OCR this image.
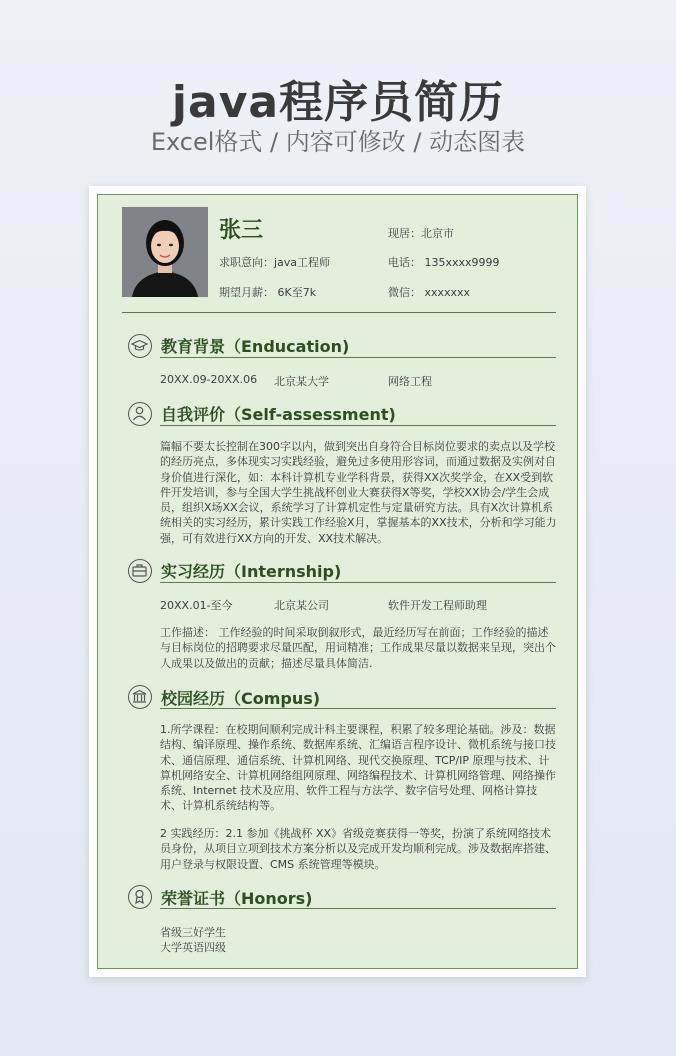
java程序员简历
Excel格式 / 内容可修改 / 动态图表
张三	现居：北京市
求职意向：java工程师	电话： 135xxxx9999
期望月薪： 6K至7k	微信： xxxxxxx
教育背景（Enducation)
20XX.09-20XX.06 北京某大学	网络工程
自我评价（Self-assessment)
篇幅不要太长控制在300字以内，做到突出自身符合目标岗位要求的卖点以及学校的经历亮点，多体现实习实践经验，避免过多使用形容词，而通过数据及实例对自身价值进行深化，如：本科计算机专业学科背景，获得XX次奖学金，在XX受到软件开发培训，参与全国大学生挑战杯创业大赛获得X等奖，学校XX协会/学生会成员，组织X场XX会议，系统学习了计算机定性与定量研究方法。具有X次计算机系统相关的实习经历，累计实践工作经验X月，掌握基本的XX技术，分析和学习能力强，可有效进行XX方向的开发、XX技术解决。
实习经历（Internship)
20XX.01-至今	北京某公司	软件开发工程师助理
工作描述： 工作经验的时间采取倒叙形式，最近经历写在前面；工作经验的描述与目标岗位的招聘要求尽量匹配，用词精准；工作成果尽量以数据来呈现，突出个人成果以及做出的贡献；描述尽量具体简洁.
校园经历（Compus)
1.所学课程：在校期间顺利完成计科主要课程，积累了较多理论基础。涉及：数据结构、编译原理、操作系统、数据库系统、汇编语言程序设计、微机系统与接口技术、通信原理、通信系统、计算机网络、现代交换原理、TCP/IP 原理与技术、计算机网络安全、计算机网络组网原理、网络编程技术、计算机网络管理、网络操作系统、Internet 技术及应用、软件工程与方法学、数字信号处理、网格计算技术、计算机系统结构等。
2 实践经历：2.1 参加《挑战杯 XX》省级竞赛获得一等奖，扮演了系统网络技术员身份，从项目立项到技术方案分析以及完成开发均顺利完成。涉及数据库搭建、用户登录与权限设置、CMS 系统管理等模块。
荣誉证书（Honors)
省级三好学生
大学英语四级
